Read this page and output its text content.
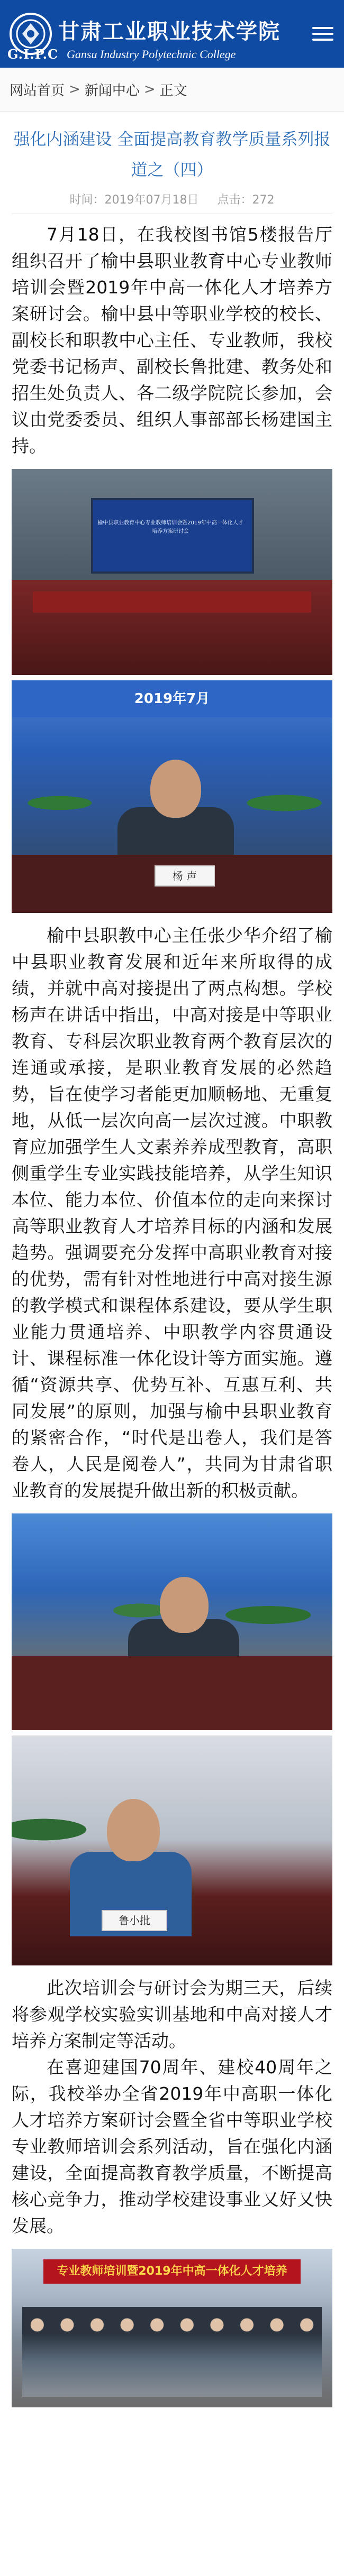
甘肃工业职业技术学院
G.I.P.C Gansu Industry Polytechnic College
网站首页 > 新闻中心 > 正文
强化内涵建设 全面提高教育教学质量系列报道之（四）
时间：2019年07月18日 点击：272
7月18日，在我校图书馆5楼报告厅组织召开了榆中县职业教育中心专业教师培训会暨2019年中高一体化人才培养方案研讨会。榆中县中等职业学校的校长、副校长和职教中心主任、专业教师，我校党委书记杨声、副校长鲁批建、教务处和招生处负责人、各二级学院院长参加，会议由党委委员、组织人事部部长杨建国主持。
榆中县职业教育中心专业教师培训会暨2019年中高一体化人才培养方案研讨会
2019年7月
杨 声
榆中县职教中心主任张少华介绍了榆中县职业教育发展和近年来所取得的成绩，并就中高对接提出了两点构想。学校杨声在讲话中指出，中高对接是中等职业教育、专科层次职业教育两个教育层次的连通或承接，是职业教育发展的必然趋势，旨在使学习者能更加顺畅地、无重复地，从低一层次向高一层次过渡。中职教育应加强学生人文素养养成型教育，高职侧重学生专业实践技能培养，从学生知识本位、能力本位、价值本位的走向来探讨高等职业教育人才培养目标的内涵和发展趋势。强调要充分发挥中高职业教育对接的优势，需有针对性地进行中高对接生源的教学模式和课程体系建设，要从学生职业能力贯通培养、中职教学内容贯通设计、课程标准一体化设计等方面实施。遵循“资源共享、优势互补、互惠互利、共同发展”的原则，加强与榆中县职业教育的紧密合作，“时代是出卷人，我们是答卷人，人民是阅卷人”，共同为甘肃省职业教育的发展提升做出新的积极贡献。
鲁小批
此次培训会与研讨会为期三天，后续将参观学校实验实训基地和中高对接人才培养方案制定等活动。
在喜迎建国70周年、建校40周年之际，我校举办全省2019年中高职一体化人才培养方案研讨会暨全省中等职业学校专业教师培训会系列活动，旨在强化内涵建设，全面提高教育教学质量，不断提高核心竞争力，推动学校建设事业又好又快发展。
专业教师培训暨2019年中高一体化人才培养
